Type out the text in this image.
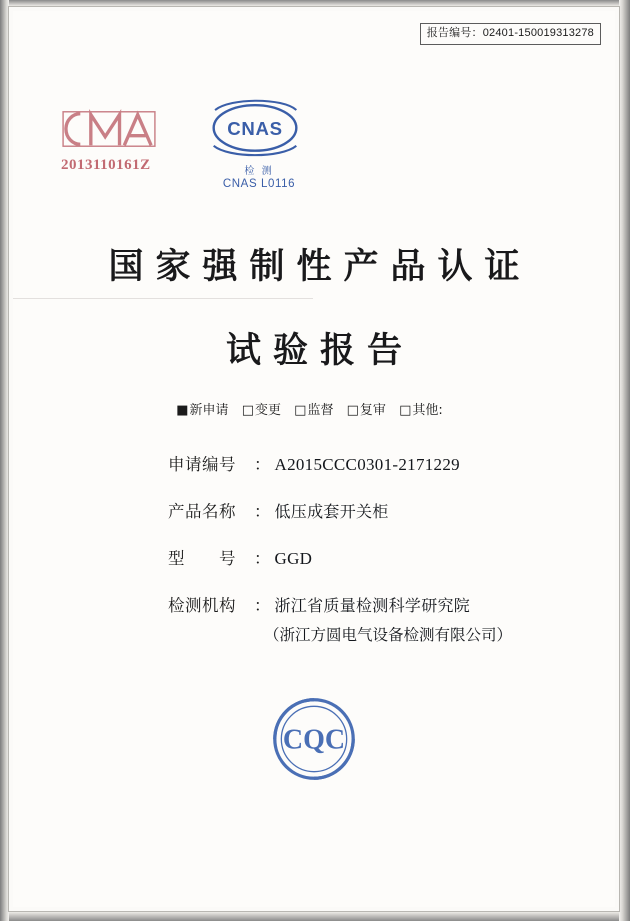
报告编号：02401-150019313278
2013110161Z
CNAS
检 测
CNAS L0116
国家强制性产品认证
试验报告
■新申请 □变更 □监督 □复审 □其他:
申请编号	： A2015CCC0301-2171229
产品名称	： 低压成套开关柜
型　　号	： GGD
检测机构	： 浙江省质量检测科学研究院
（浙江方圆电气设备检测有限公司）
CQC
